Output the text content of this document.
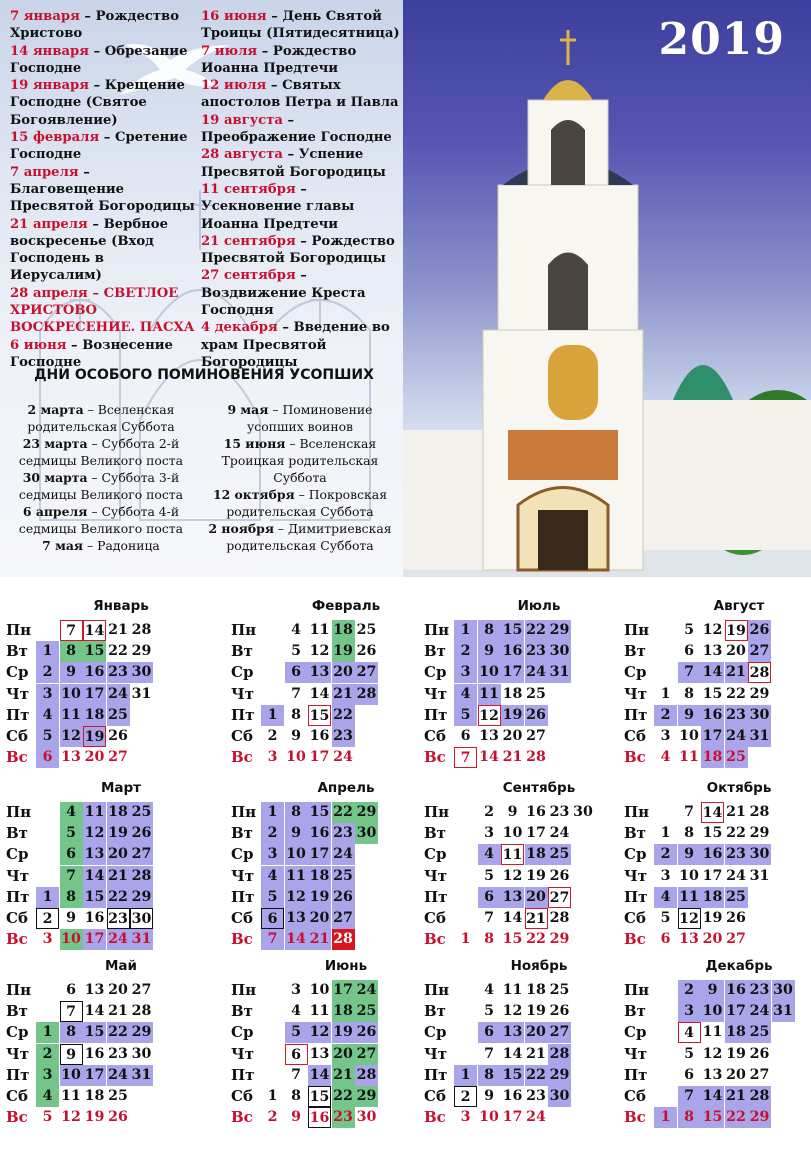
7 января – Рождество Христово
14 января – Обрезание Господне
19 января – Крещение Господне (Святое Богоявление)
15 февраля – Сретение Господне
7 апреля – Благовещение Пресвятой Богородицы
21 апреля – Вербное воскресенье (Вход Господень в Иерусалим)
28 апреля – СВЕТЛОЕ ХРИСТОВО ВОСКРЕСЕНИЕ. ПАСХА
6 июня – Вознесение Господне
16 июня – День Святой Троицы (Пятидесятница)
7 июля – Рождество Иоанна Предтечи
12 июля – Святых апостолов Петра и Павла
19 августа – Преображение Господне
28 августа – Успение Пресвятой Богородицы
11 сентября – Усекновение главы Иоанна Предтечи
21 сентября – Рождество Пресвятой Богородицы
27 сентября – Воздвижение Креста Господня
4 декабря – Введение во храм Пресвятой Богородицы
ДНИ ОСОБОГО ПОМИНОВЕНИЯ УСОПШИХ
2 марта – Вселенская родительская Суббота
23 марта – Суббота 2-й седмицы Великого поста
30 марта – Суббота 3-й седмицы Великого поста
6 апреля – Суббота 4-й седмицы Великого поста
7 мая – Радоница
9 мая – Поминовение усопших воинов
15 июня – Вселенская Троицкая родительская Суббота
12 октября – Покровская родительская Суббота
2 ноября – Димитриевская родительская Суббота
2019
Январь
Пн	7 14 21 28
Вт	1 8 15 22 29
Ср 2 9 16 23 30
Чт 3 10 17 24 31
Пт 4 11 18 25
Сб	5 12 19 26
Вс	6 13 20 27
Февраль
Пн	4 11 18 25
Вт	5 12 19 26
Ср	6 13 20 27
Чт	7 14 21 28
Пт 1 8 15 22
Сб	2 9 16 23
Вс	3 10 17 24
Март
Пн	4 11 18 25
Вт	5 12 19 26
Ср	6 13 20 27
Чт	7 14 21 28
Пт 1 8 15 22 29
Сб	2 9 16 23 30
Вс	3 10 17 24 31
Апрель
Пн 1 8 15 22 29
Вт	2 9 16 23 30
Ср 3 10 17 24
Чт 4 11 18 25
Пт 5 12 19 26
Сб	6 13 20 27
Вс	7 14 21 28
Май
Пн	6 13 20 27
Вт	7 14 21 28
Ср 1 8 15 22 29
Чт 2 9 16 23 30
Пт 3 10 17 24 31
Сб	4 11 18 25
Вс	5 12 19 26
Июнь
Пн	3 10 17 24
Вт	4 11 18 25
Ср	5 12 19 26
Чт	6 13 20 27
Пт	7 14 21 28
Сб	1 8 15 22 29
Вс	2 9 16 23 30
Июль
Пн 1 8 15 22 29
Вт	2 9 16 23 30
Ср 3 10 17 24 31
Чт 4 11 18 25
Пт 5 12 19 26
Сб	6 13 20 27
Вс	7 14 21 28
Август
Пн	5 12 19 26
Вт	6 13 20 27
Ср	7 14 21 28
Чт 1 8 15 22 29
Пт 2 9 16 23 30
Сб	3 10 17 24 31
Вс	4 11 18 25
Сентябрь
Пн	2 9 16 23 30
Вт	3 10 17 24
Ср	4 11 18 25
Чт	5 12 19 26
Пт	6 13 20 27
Сб	7 14 21 28
Вс	1 8 15 22 29
Октябрь
Пн	7 14 21 28
Вт	1 8 15 22 29
Ср 2 9 16 23 30
Чт 3 10 17 24 31
Пт 4 11 18 25
Сб	5 12 19 26
Вс	6 13 20 27
Ноябрь
Пн	4 11 18 25
Вт	5 12 19 26
Ср	6 13 20 27
Чт	7 14 21 28
Пт 1 8 15 22 29
Сб	2 9 16 23 30
Вс	3 10 17 24
Декабрь
Пн	2 9 16 23 30
Вт	3 10 17 24 31
Ср	4 11 18 25
Чт	5 12 19 26
Пт	6 13 20 27
Сб	7 14 21 28
Вс	1 8 15 22 29
